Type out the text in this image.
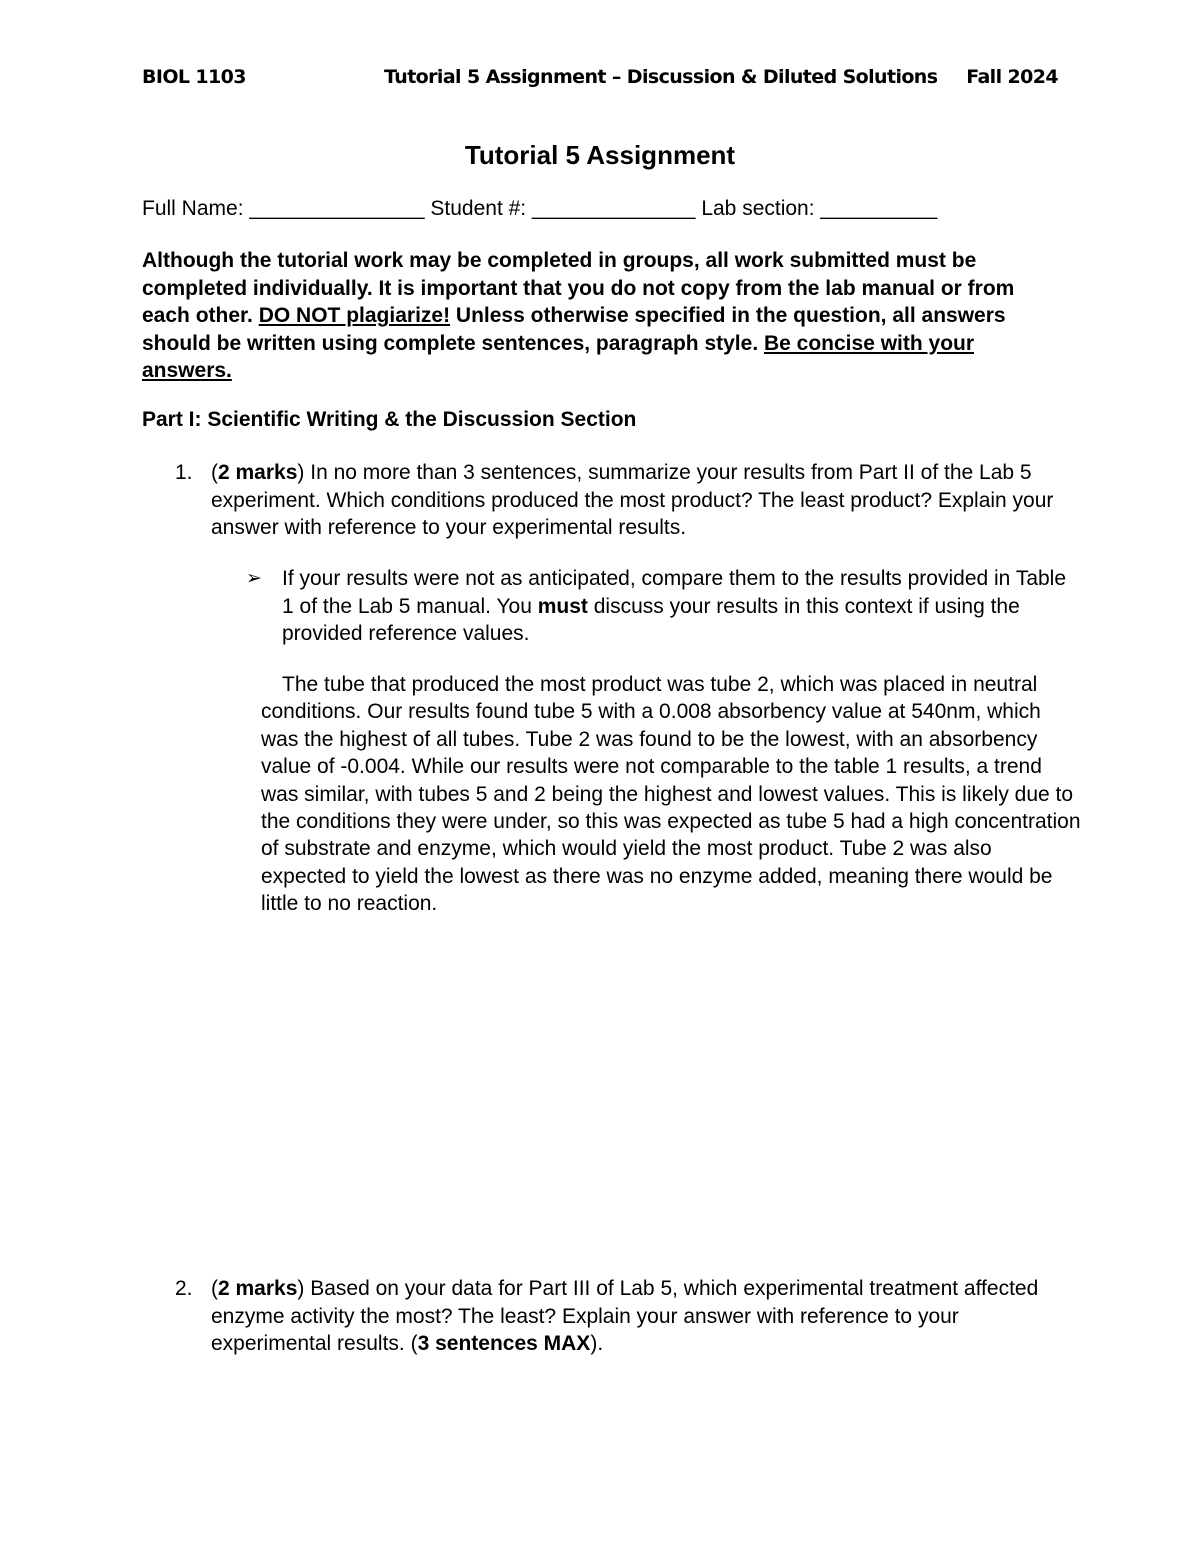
BIOL 1103	Tutorial 5 Assignment – Discussion & Diluted Solutions Fall 2024
Tutorial 5 Assignment
Full Name: _______________ Student #: ______________ Lab section: __________
Although the tutorial work may be completed in groups, all work submitted must be completed individually. It is important that you do not copy from the lab manual or from each other. DO NOT plagiarize! Unless otherwise specified in the question, all answers should be written using complete sentences, paragraph style. Be concise with your answers.
Part I: Scientific Writing & the Discussion Section
1. (2 marks) In no more than 3 sentences, summarize your results from Part II of the Lab 5 experiment. Which conditions produced the most product? The least product? Explain your answer with reference to your experimental results.
➢ If your results were not as anticipated, compare them to the results provided in Table 1 of the Lab 5 manual. You must discuss your results in this context if using the provided reference values.
The tube that produced the most product was tube 2, which was placed in neutral conditions. Our results found tube 5 with a 0.008 absorbency value at 540nm, which was the highest of all tubes. Tube 2 was found to be the lowest, with an absorbency value of -0.004. While our results were not comparable to the table 1 results, a trend was similar, with tubes 5 and 2 being the highest and lowest values. This is likely due to the conditions they were under, so this was expected as tube 5 had a high concentration of substrate and enzyme, which would yield the most product. Tube 2 was also expected to yield the lowest as there was no enzyme added, meaning there would be little to no reaction.
2. (2 marks) Based on your data for Part III of Lab 5, which experimental treatment affected enzyme activity the most? The least? Explain your answer with reference to your experimental results. (3 sentences MAX).
